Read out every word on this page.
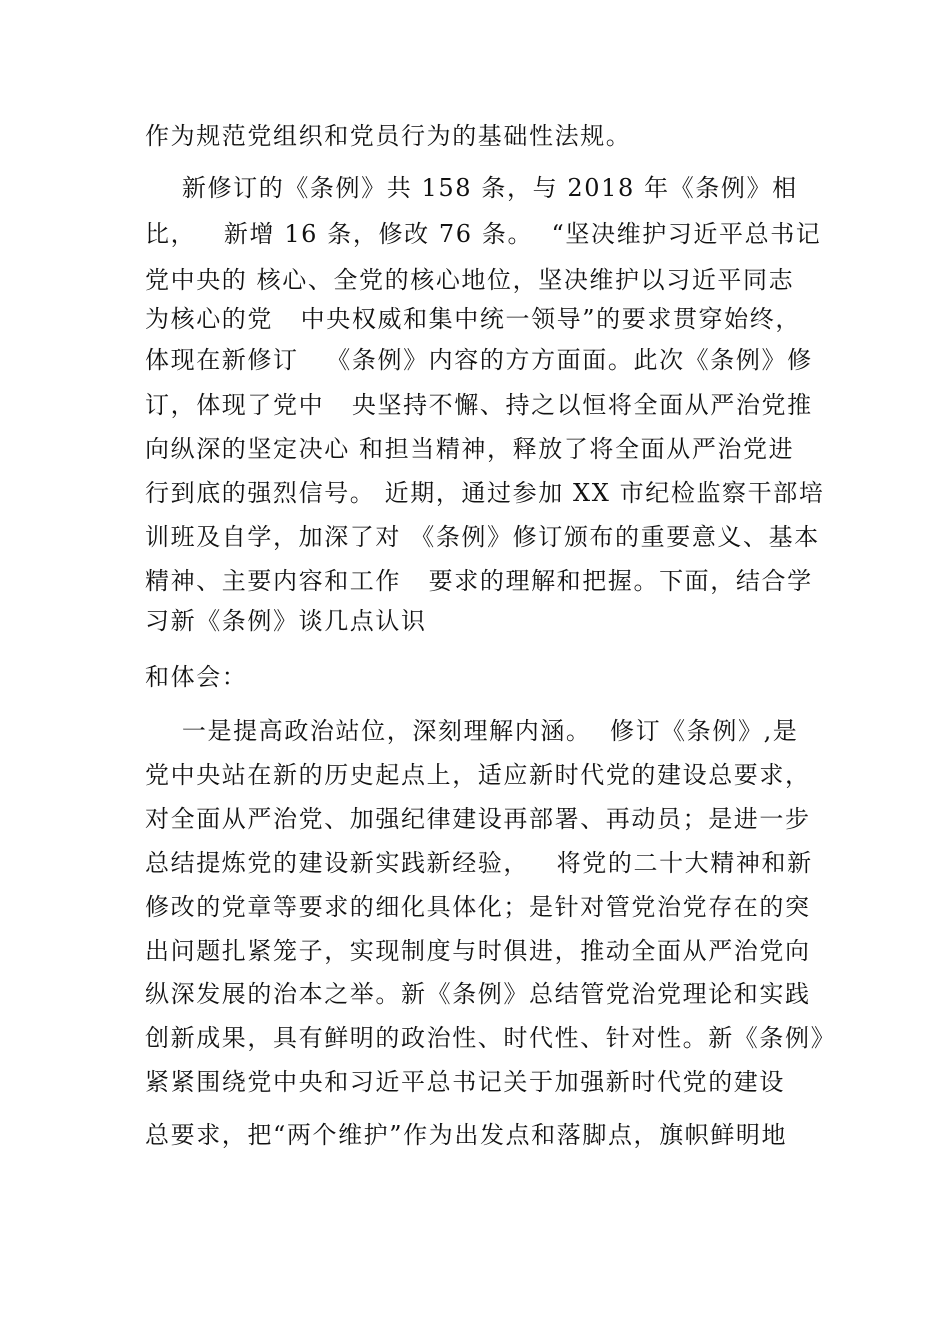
作为规范党组织和党员行为的基础性法规。
新修订的《条例》共 158 条，与 2018 年《条例》相
比，   新增 16 条，修改 76 条。  “坚决维护习近平总书记
党中央的 核心、全党的核心地位，坚决维护以习近平同志
为核心的党   中央权威和集中统一领导”的要求贯穿始终，
体现在新修订   《条例》内容的方方面面。此次《条例》修
订，体现了党中   央坚持不懈、持之以恒将全面从严治党推
向纵深的坚定决心 和担当精神，释放了将全面从严治党进
行到底的强烈信号。 近期，通过参加 XX 市纪检监察干部培
训班及自学，加深了对 《条例》修订颁布的重要意义、基本
精神、主要内容和工作   要求的理解和把握。下面，结合学
习新《条例》谈几点认识
和体会：
一是提高政治站位，深刻理解内涵。  修订《条例》,是
党中央站在新的历史起点上，适应新时代党的建设总要求，
对全面从严治党、加强纪律建设再部署、再动员；是进一步
总结提炼党的建设新实践新经验，   将党的二十大精神和新
修改的党章等要求的细化具体化；是针对管党治党存在的突
出问题扎紧笼子，实现制度与时俱进，推动全面从严治党向
纵深发展的治本之举。新《条例》总结管党治党理论和实践
创新成果，具有鲜明的政治性、时代性、针对性。新《条例》
紧紧围绕党中央和习近平总书记关于加强新时代党的建设
总要求，把“两个维护”作为出发点和落脚点，旗帜鲜明地
